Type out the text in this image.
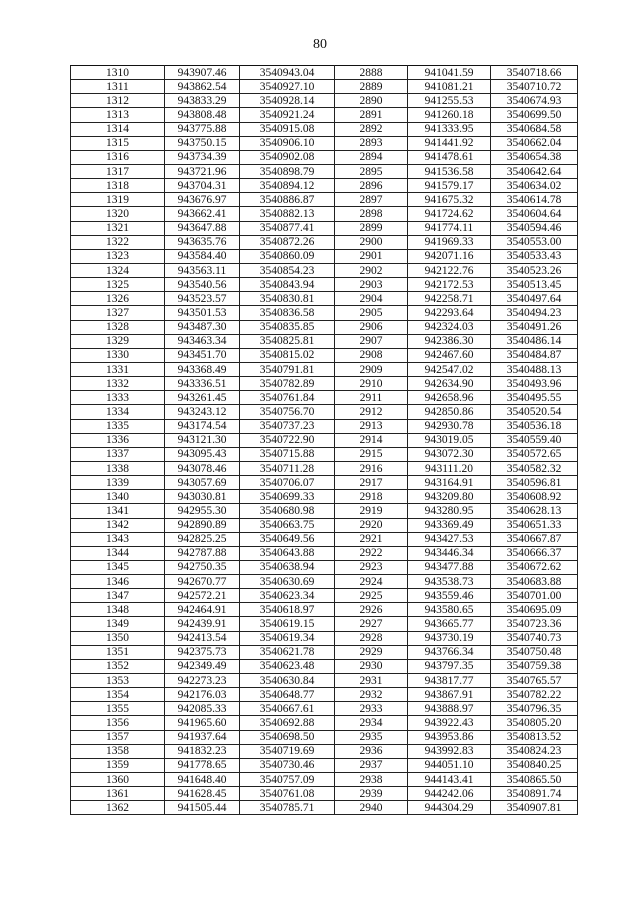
80
1310	943907.46	3540943.04	2888	941041.59	3540718.66
1311	943862.54	3540927.10	2889	941081.21	3540710.72
1312	943833.29	3540928.14	2890	941255.53	3540674.93
1313	943808.48	3540921.24	2891	941260.18	3540699.50
1314	943775.88	3540915.08	2892	941333.95	3540684.58
1315	943750.15	3540906.10	2893	941441.92	3540662.04
1316	943734.39	3540902.08	2894	941478.61	3540654.38
1317	943721.96	3540898.79	2895	941536.58	3540642.64
1318	943704.31	3540894.12	2896	941579.17	3540634.02
1319	943676.97	3540886.87	2897	941675.32	3540614.78
1320	943662.41	3540882.13	2898	941724.62	3540604.64
1321	943647.88	3540877.41	2899	941774.11	3540594.46
1322	943635.76	3540872.26	2900	941969.33	3540553.00
1323	943584.40	3540860.09	2901	942071.16	3540533.43
1324	943563.11	3540854.23	2902	942122.76	3540523.26
1325	943540.56	3540843.94	2903	942172.53	3540513.45
1326	943523.57	3540830.81	2904	942258.71	3540497.64
1327	943501.53	3540836.58	2905	942293.64	3540494.23
1328	943487.30	3540835.85	2906	942324.03	3540491.26
1329	943463.34	3540825.81	2907	942386.30	3540486.14
1330	943451.70	3540815.02	2908	942467.60	3540484.87
1331	943368.49	3540791.81	2909	942547.02	3540488.13
1332	943336.51	3540782.89	2910	942634.90	3540493.96
1333	943261.45	3540761.84	2911	942658.96	3540495.55
1334	943243.12	3540756.70	2912	942850.86	3540520.54
1335	943174.54	3540737.23	2913	942930.78	3540536.18
1336	943121.30	3540722.90	2914	943019.05	3540559.40
1337	943095.43	3540715.88	2915	943072.30	3540572.65
1338	943078.46	3540711.28	2916	943111.20	3540582.32
1339	943057.69	3540706.07	2917	943164.91	3540596.81
1340	943030.81	3540699.33	2918	943209.80	3540608.92
1341	942955.30	3540680.98	2919	943280.95	3540628.13
1342	942890.89	3540663.75	2920	943369.49	3540651.33
1343	942825.25	3540649.56	2921	943427.53	3540667.87
1344	942787.88	3540643.88	2922	943446.34	3540666.37
1345	942750.35	3540638.94	2923	943477.88	3540672.62
1346	942670.77	3540630.69	2924	943538.73	3540683.88
1347	942572.21	3540623.34	2925	943559.46	3540701.00
1348	942464.91	3540618.97	2926	943580.65	3540695.09
1349	942439.91	3540619.15	2927	943665.77	3540723.36
1350	942413.54	3540619.34	2928	943730.19	3540740.73
1351	942375.73	3540621.78	2929	943766.34	3540750.48
1352	942349.49	3540623.48	2930	943797.35	3540759.38
1353	942273.23	3540630.84	2931	943817.77	3540765.57
1354	942176.03	3540648.77	2932	943867.91	3540782.22
1355	942085.33	3540667.61	2933	943888.97	3540796.35
1356	941965.60	3540692.88	2934	943922.43	3540805.20
1357	941937.64	3540698.50	2935	943953.86	3540813.52
1358	941832.23	3540719.69	2936	943992.83	3540824.23
1359	941778.65	3540730.46	2937	944051.10	3540840.25
1360	941648.40	3540757.09	2938	944143.41	3540865.50
1361	941628.45	3540761.08	2939	944242.06	3540891.74
1362	941505.44	3540785.71	2940	944304.29	3540907.81
